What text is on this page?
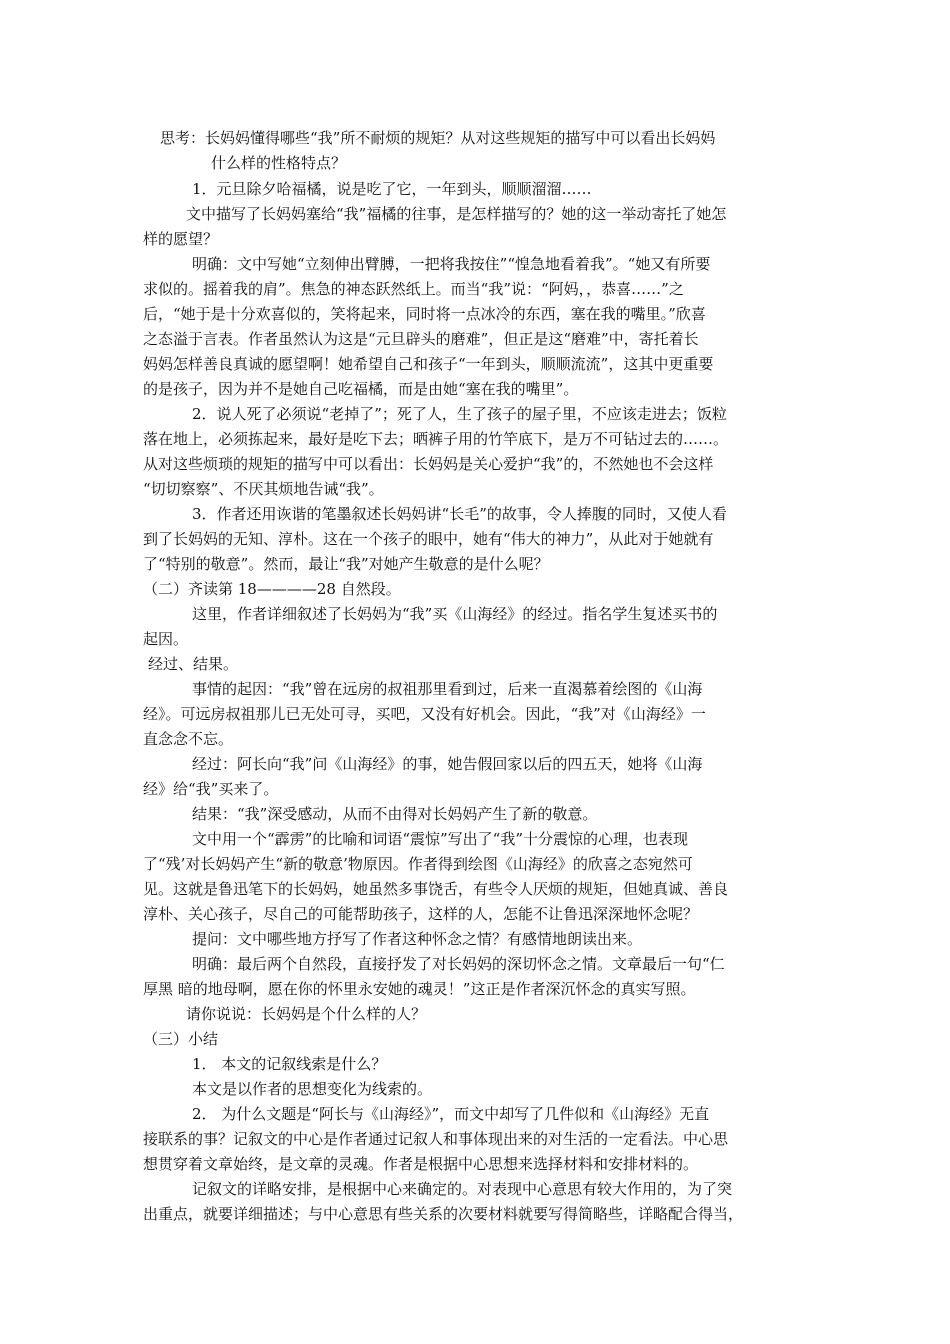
思考：长妈妈懂得哪些“我”所不耐烦的规矩？从对这些规矩的描写中可以看出长妈妈
什么样的性格特点？
1．元旦除夕哈福橘，说是吃了它，一年到头，顺顺溜溜……
文中描写了长妈妈塞给“我”福橘的往事，是怎样描写的？她的这一举动寄托了她怎
样的愿望？
明确：文中写她“立刻伸出臂膊，一把将我按住”“惶急地看着我”。“她又有所要
求似的。摇着我的肩”。焦急的神态跃然纸上。而当“我”说：“阿妈，，恭喜……”之
后，“她于是十分欢喜似的，笑将起来，同时将一点冰冷的东西，塞在我的嘴里。”欣喜
之态溢于言表。作者虽然认为这是“元旦辟头的磨难”，但正是这“磨难”中，寄托着长
妈妈怎样善良真诚的愿望啊！她希望自己和孩子“一年到头，顺顺流流”，这其中更重要
的是孩子，因为并不是她自己吃福橘，而是由她“塞在我的嘴里”。
2．说人死了必须说“老掉了”；死了人，生了孩子的屋子里，不应该走进去；饭粒
落在地上，必须拣起来，最好是吃下去；晒裤子用的竹竿底下，是万不可钻过去的……。
从对这些烦琐的规矩的描写中可以看出：长妈妈是关心爱护“我”的，不然她也不会这样
“切切察察”、不厌其烦地告诫“我”。
3．作者还用诙谐的笔墨叙述长妈妈讲“长毛”的故事，令人捧腹的同时，又使人看
到了长妈妈的无知、淳朴。这在一个孩子的眼中，她有“伟大的神力”，从此对于她就有
了“特别的敬意”。然而，最让“我”对她产生敬意的是什么呢？
（二）齐读第 18————28 自然段。
这里，作者详细叙述了长妈妈为“我”买《山海经》的经过。指名学生复述买书的
起因。
经过、结果。
事情的起因：“我”曾在远房的叔祖那里看到过，后来一直渴慕着绘图的《山海
经》。可远房叔祖那儿已无处可寻，买吧，又没有好机会。因此，“我”对《山海经》一
直念念不忘。
经过：阿长向“我”问《山海经》的事，她告假回家以后的四五天，她将《山海
经》给“我”买来了。
结果：“我”深受感动，从而不由得对长妈妈产生了新的敬意。
文中用一个“霹雳”的比喻和词语“震惊”写出了“我”十分震惊的心理，也表现
了“残’对长妈妈产生“新的敬意’物原因。作者得到绘图《山海经》的欣喜之态宛然可
见。这就是鲁迅笔下的长妈妈，她虽然多事饶舌，有些令人厌烦的规矩，但她真诚、善良
淳朴、关心孩子，尽自己的可能帮助孩子，这样的人，怎能不让鲁迅深深地怀念呢？
提问：文中哪些地方抒写了作者这种怀念之情？有感情地朗读出来。
明确：最后两个自然段，直接抒发了对长妈妈的深切怀念之情。文章最后一句“仁
厚黑 暗的地母啊，愿在你的怀里永安她的魂灵！”这正是作者深沉怀念的真实写照。
请你说说：长妈妈是个什么样的人？
（三）小结
1． 本文的记叙线索是什么？
本文是以作者的思想变化为线索的。
2． 为什么文题是“阿长与《山海经》”，而文中却写了几件似和《山海经》无直
接联系的事？记叙文的中心是作者通过记叙人和事体现出来的对生活的一定看法。中心思
想贯穿着文章始终，是文章的灵魂。作者是根据中心思想来选择材料和安排材料的。
记叙文的详略安排，是根据中心来确定的。对表现中心意思有较大作用的，为了突
出重点，就要详细描述；与中心意思有些关系的次要材料就要写得简略些，详略配合得当，
